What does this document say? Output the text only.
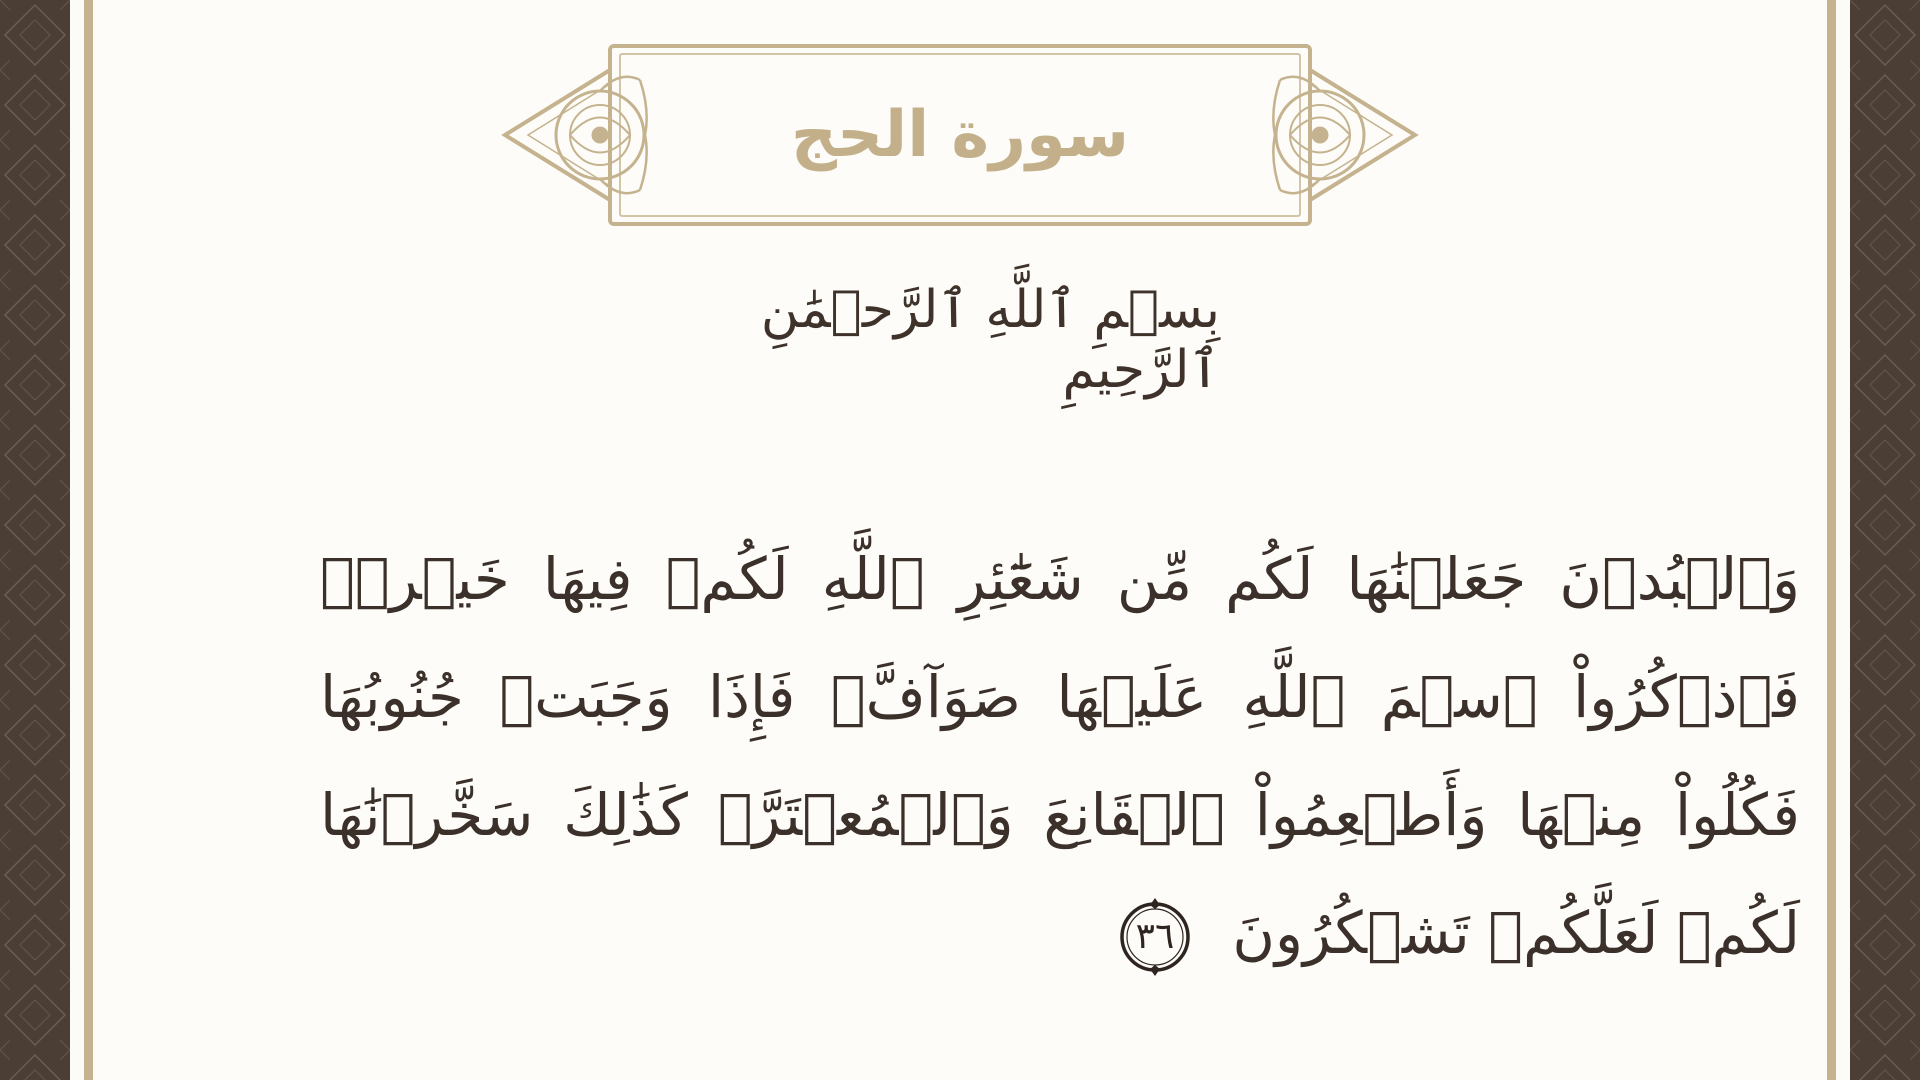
سورة الحج
بِسۡمِ ٱللَّهِ ٱلرَّحۡمَٰنِ ٱلرَّحِيمِ
وَٱلۡبُدۡنَ جَعَلۡنَٰهَا لَكُم مِّن شَعَٰٓئِرِ ٱللَّهِ لَكُمۡ فِيهَا خَيۡرٞۖ فَٱذۡكُرُواْ ٱسۡمَ ٱللَّهِ عَلَيۡهَا صَوَآفَّۖ فَإِذَا وَجَبَتۡ جُنُوبُهَا فَكُلُواْ مِنۡهَا وَأَطۡعِمُواْ ٱلۡقَانِعَ وَٱلۡمُعۡتَرَّۚ كَذَٰلِكَ سَخَّرۡنَٰهَا لَكُمۡ لَعَلَّكُمۡ تَشۡكُرُونَ
٣٦
